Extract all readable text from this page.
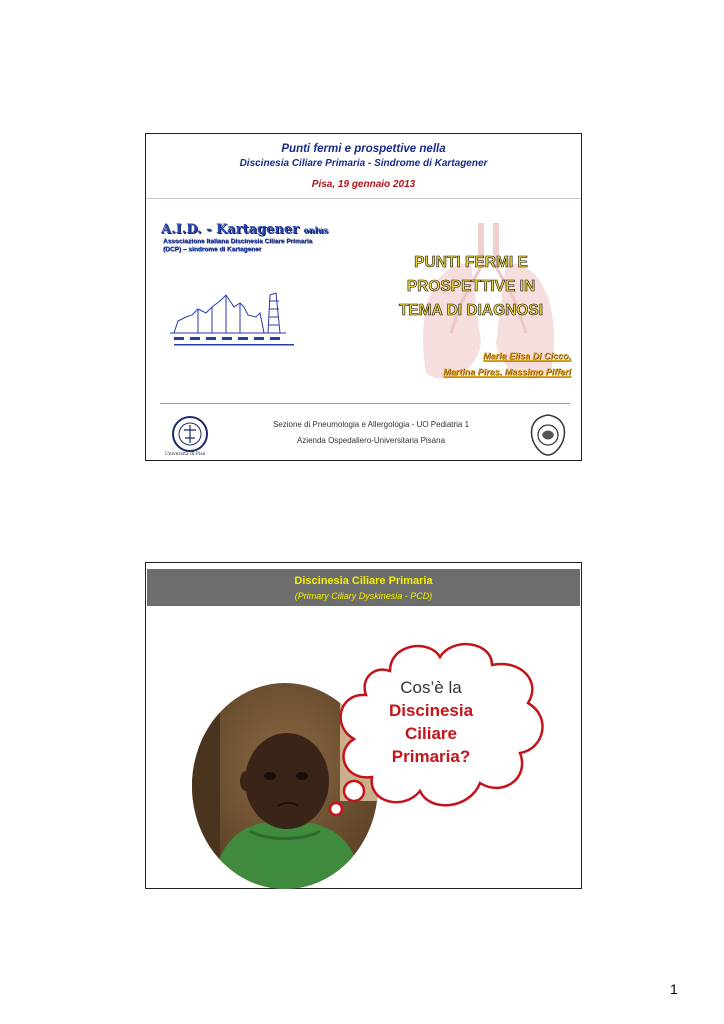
Punti fermi e prospettive nella
Discinesia Ciliare Primaria - Sindrome di Kartagener
Pisa, 19 gennaio 2013
A.I.D. - Kartagener onlus
Associazione Italiana Discinesia Ciliare Primaria
(DCP) – sindrome di Kartagener
PUNTI FERMI E
PROSPETTIVE IN
TEMA DI DIAGNOSI
Maria Elisa Di Cicco,
Martina Piras, Massimo Pifferi
Università di Pisa
Sezione di Pneumologia e Allergologia - UO Pediatria 1
Azienda Ospedaliero-Universitaria Pisana
Discinesia Ciliare Primaria
(Primary Ciliary Dyskinesia - PCD)
Cos’è la
Discinesia
Ciliare
Primaria?
1
